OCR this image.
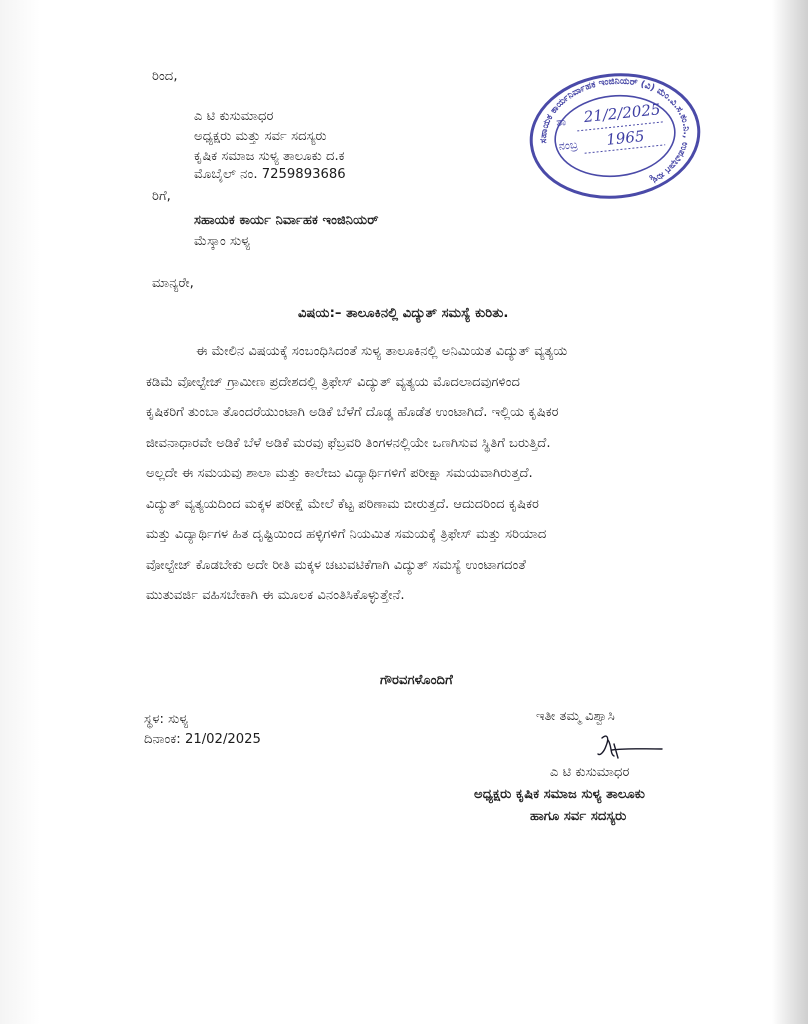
ರಿಂದ,
ಎ ಟಿ ಕುಸುಮಾಧರ
ಅಧ್ಯಕ್ಷರು ಮತ್ತು ಸರ್ವ ಸದಸ್ಯರು
ಕೃಷಿಕ ಸಮಾಜ ಸುಳ್ಯ ತಾಲೂಕು ದ.ಕ
ಮೊಬೈಲ್ ನಂ. 7259893686
ರಿಗೆ,
ಸಹಾಯಕ ಕಾರ್ಯ ನಿರ್ವಾಹಕ ಇಂಜಿನಿಯರ್
ಮೆಸ್ಕಾಂ ಸುಳ್ಯ
ಮಾನ್ಯರೇ,
ವಿಷಯ:– ತಾಲೂಕಿನಲ್ಲಿ ವಿದ್ಯುತ್ ಸಮಸ್ಯೆ ಕುರಿತು.
ಈ ಮೇಲಿನ ವಿಷಯಕ್ಕೆ ಸಂಬಂಧಿಸಿದಂತೆ ಸುಳ್ಯ ತಾಲೂಕಿನಲ್ಲಿ ಅನಿಮಿಯತ ವಿದ್ಯುತ್ ವ್ಯತ್ಯಯ
ಕಡಿಮೆ ವೋಲ್ಟೇಜ್ ಗ್ರಾಮೀಣ ಪ್ರದೇಶದಲ್ಲಿ ತ್ರಿಫೇಸ್ ವಿದ್ಯುತ್ ವ್ಯತ್ಯಯ ಮೊದಲಾದವುಗಳಿಂದ
ಕೃಷಿಕರಿಗೆ ತುಂಬಾ ತೊಂದರೆಯುಂಟಾಗಿ ಅಡಿಕೆ ಬೆಳೆಗೆ ದೊಡ್ಡ ಹೊಡೆತ ಉಂಟಾಗಿದೆ. ಇಲ್ಲಿಯ ಕೃಷಿಕರ
ಜೀವನಾಧಾರವೇ ಅಡಿಕೆ ಬೆಳೆ ಅಡಿಕೆ ಮರವು ಫೆಬ್ರವರಿ ತಿಂಗಳನಲ್ಲಿಯೇ ಒಣಗಿಸುವ ಸ್ಥಿತಿಗೆ ಬರುತ್ತಿದೆ.
ಅಲ್ಲದೇ ಈ ಸಮಯವು ಶಾಲಾ ಮತ್ತು ಕಾಲೇಜು ವಿದ್ಯಾರ್ಥಿಗಳಿಗೆ ಪರೀಕ್ಷಾ ಸಮಯವಾಗಿರುತ್ತದೆ.
ವಿದ್ಯುತ್ ವ್ಯತ್ಯಯದಿಂದ ಮಕ್ಕಳ ಪರೀಕ್ಷೆ ಮೇಲೆ ಕೆಟ್ಟ ಪರಿಣಾಮ ಬೀರುತ್ತದೆ. ಆದುದರಿಂದ ಕೃಷಿಕರ
ಮತ್ತು ವಿದ್ಯಾರ್ಥಿಗಳ ಹಿತ ದೃಷ್ಟಿಯಿಂದ ಹಳ್ಳಿಗಳಿಗೆ ನಿಯಮಿತ ಸಮಯಕ್ಕೆ ತ್ರಿಫೇಸ್ ಮತ್ತು ಸರಿಯಾದ
ವೋಲ್ಟೇಜ್ ಕೊಡಬೇಕು ಅದೇ ರೀತಿ ಮಕ್ಕಳ ಚಟುವಟಿಕೆಗಾಗಿ ವಿದ್ಯುತ್ ಸಮಸ್ಯೆ ಉಂಟಾಗದಂತೆ
ಮುತುವರ್ಜಿ ವಹಿಸಬೇಕಾಗಿ ಈ ಮೂಲಕ ವಿನಂತಿಸಿಕೊಳ್ಳುತ್ತೇನೆ.
ಗೌರವಗಳೊಂದಿಗೆ
ಸ್ಥಳ: ಸುಳ್ಯ
ದಿನಾಂಕ: 21/02/2025
ಇತೀ ತಮ್ಮ ವಿಶ್ವಾಸಿ
ಎ ಟಿ ಕುಸುಮಾಧರ
ಅಧ್ಯಕ್ಷರು ಕೃಷಿಕ ಸಮಾಜ ಸುಳ್ಯ ತಾಲೂಕು
ಹಾಗೂ ಸರ್ವ ಸದಸ್ಯರು
ಸಹಾಯಕ ಕಾರ್ಯನಿರ್ವಾಹಕ ಇಂಜಿನಿಯರ್ (ವಿ) ಮೆಂ.ವಿ.ಸ.ಕಂ.ನಿ., ಉಪವಿಭಾಗ ಸುಳ್ಯ
ತಾ 21/2/2025
ನಂಬ್ರ 1965
